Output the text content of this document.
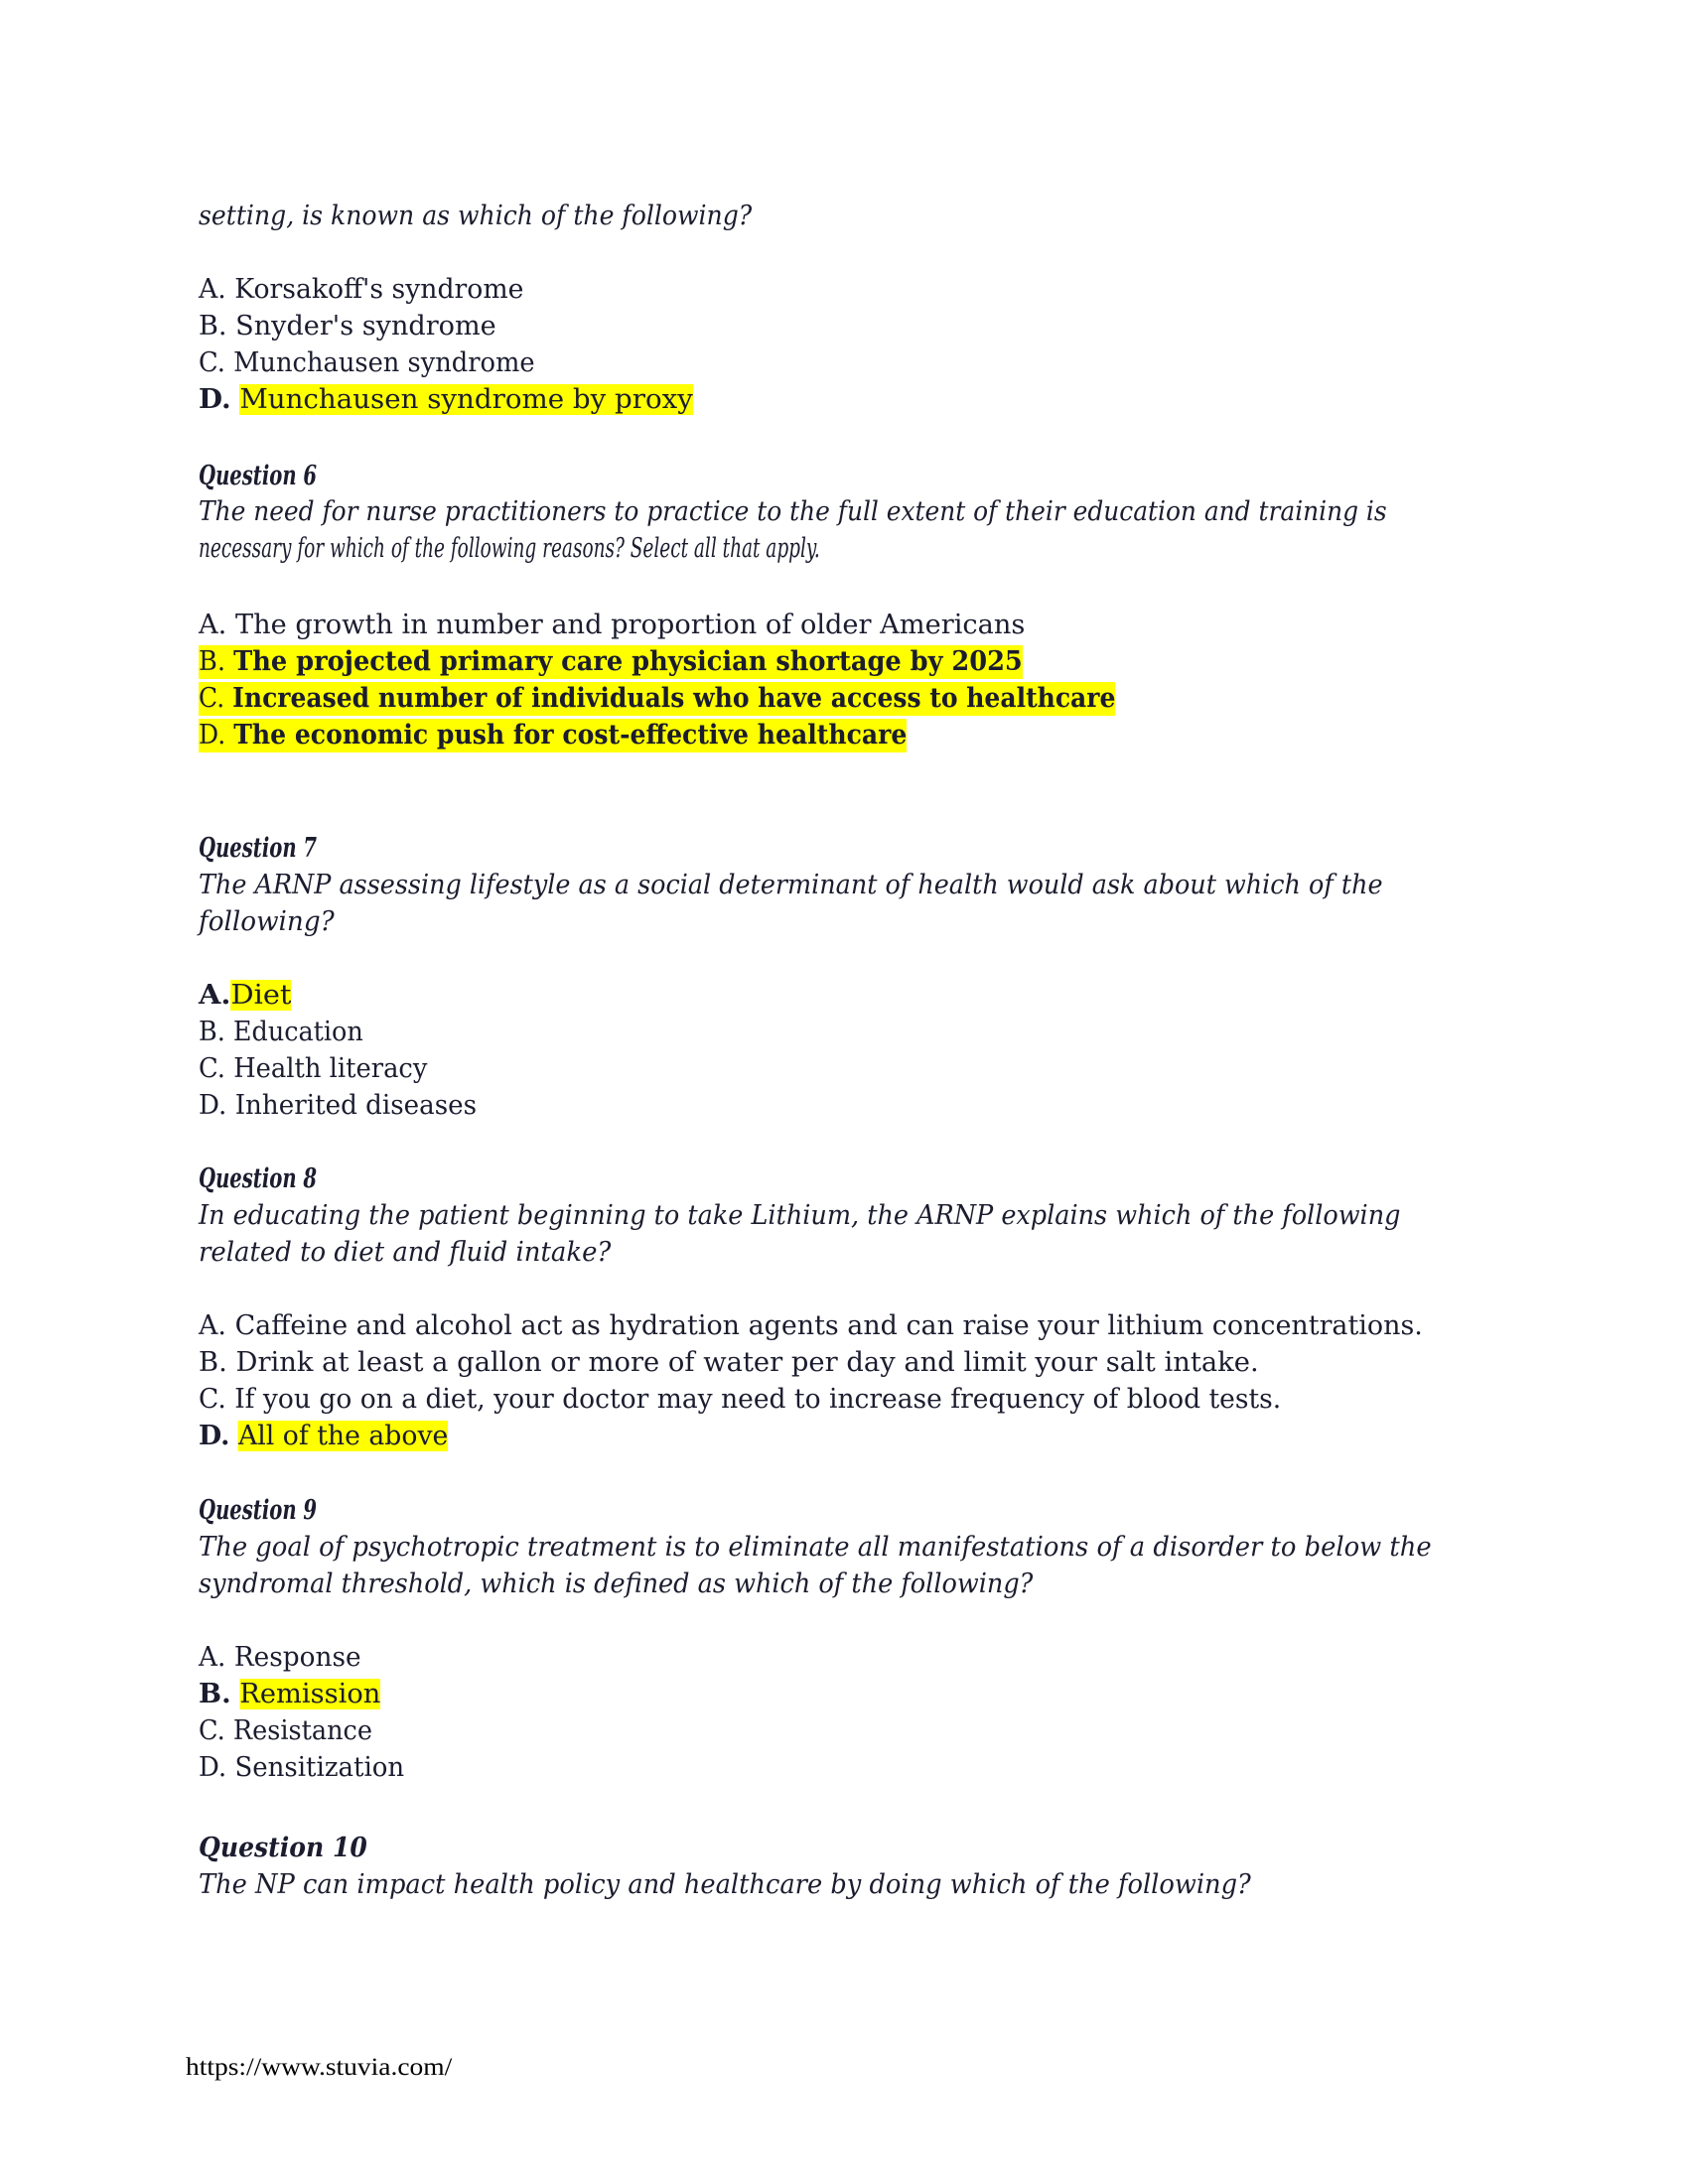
setting, is known as which of the following?
A. Korsakoff's syndrome
B. Snyder's syndrome
C. Munchausen syndrome
D. Munchausen syndrome by proxy
Question 6
The need for nurse practitioners to practice to the full extent of their education and training is
necessary for which of the following reasons? Select all that apply.
A. The growth in number and proportion of older Americans
B. The projected primary care physician shortage by 2025
C. Increased number of individuals who have access to healthcare
D. The economic push for cost-effective healthcare
Question 7
The ARNP assessing lifestyle as a social determinant of health would ask about which of the
following?
A.Diet
B. Education
C. Health literacy
D. Inherited diseases
Question 8
In educating the patient beginning to take Lithium, the ARNP explains which of the following
related to diet and fluid intake?
A. Caffeine and alcohol act as hydration agents and can raise your lithium concentrations.
B. Drink at least a gallon or more of water per day and limit your salt intake.
C. If you go on a diet, your doctor may need to increase frequency of blood tests.
D. All of the above
Question 9
The goal of psychotropic treatment is to eliminate all manifestations of a disorder to below the
syndromal threshold, which is defined as which of the following?
A. Response
B. Remission
C. Resistance
D. Sensitization
Question 10
The NP can impact health policy and healthcare by doing which of the following?
https://www.stuvia.com/
